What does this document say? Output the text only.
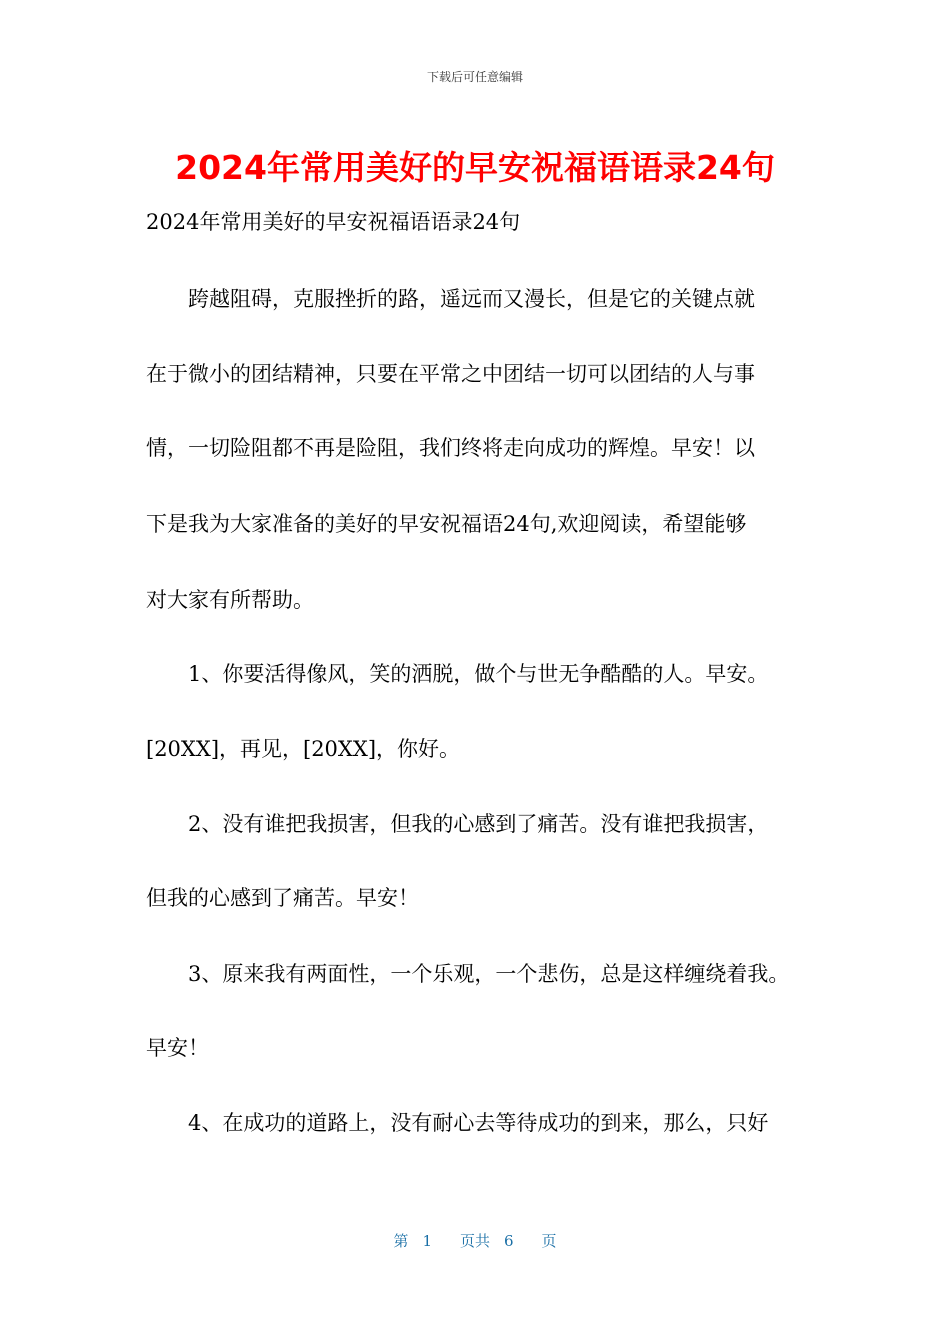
下载后可任意编辑
2024年常用美好的早安祝福语语录24句
2024年常用美好的早安祝福语语录24句
　　跨越阻碍，克服挫折的路，遥远而又漫长，但是它的关键点就
在于微小的团结精神，只要在平常之中团结一切可以团结的人与事
情，一切险阻都不再是险阻，我们终将走向成功的辉煌。早安！以
下是我为大家准备的美好的早安祝福语24句,欢迎阅读，希望能够
对大家有所帮助。
　　1、你要活得像风，笑的洒脱，做个与世无争酷酷的人。早安。
[20XX]，再见，[20XX]，你好。
　　2、没有谁把我损害，但我的心感到了痛苦。没有谁把我损害，
但我的心感到了痛苦。早安！
　　3、原来我有两面性，一个乐观，一个悲伤，总是这样缠绕着我。
早安！
　　4、在成功的道路上，没有耐心去等待成功的到来，那么，只好
第 1 页共 6 页
